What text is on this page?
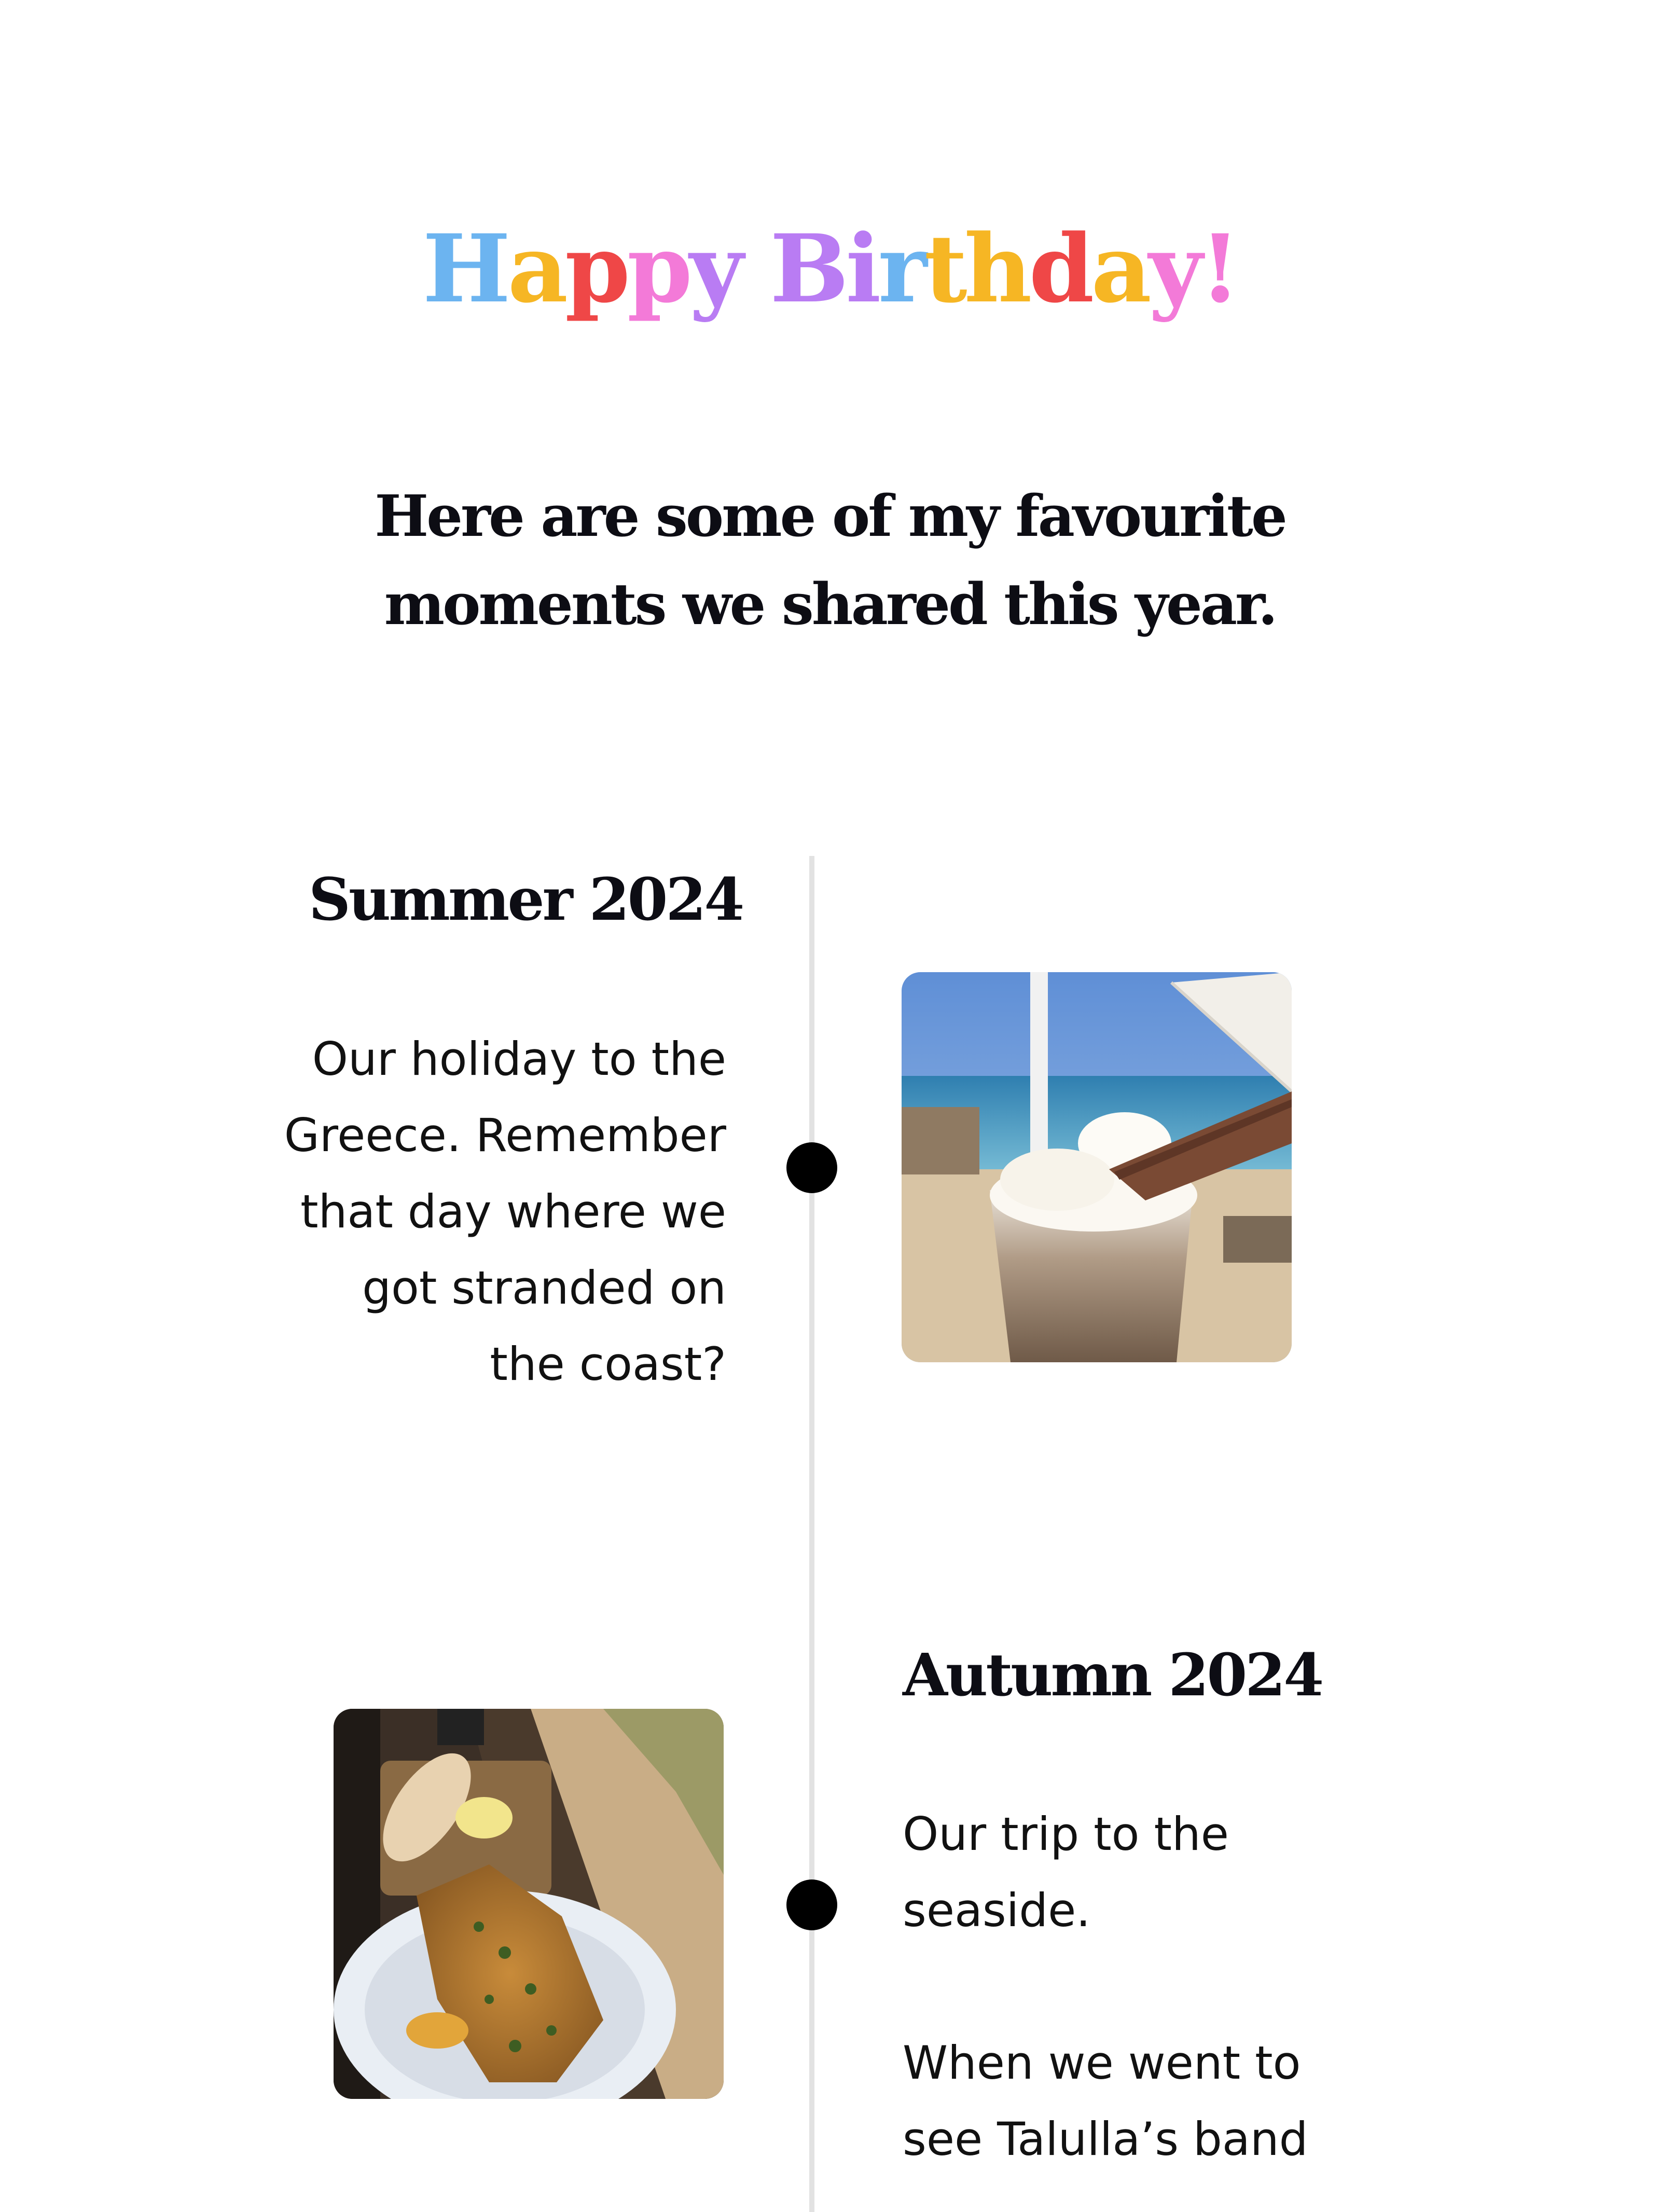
Happy Birthday!
Here are some of my favourite moments we shared this year.
Summer 2024

Our holiday to the Greece. Remember that day where we got stranded on the coast?

Autumn 2024

Our trip to the seaside.

When we went to see Talulla’s band
